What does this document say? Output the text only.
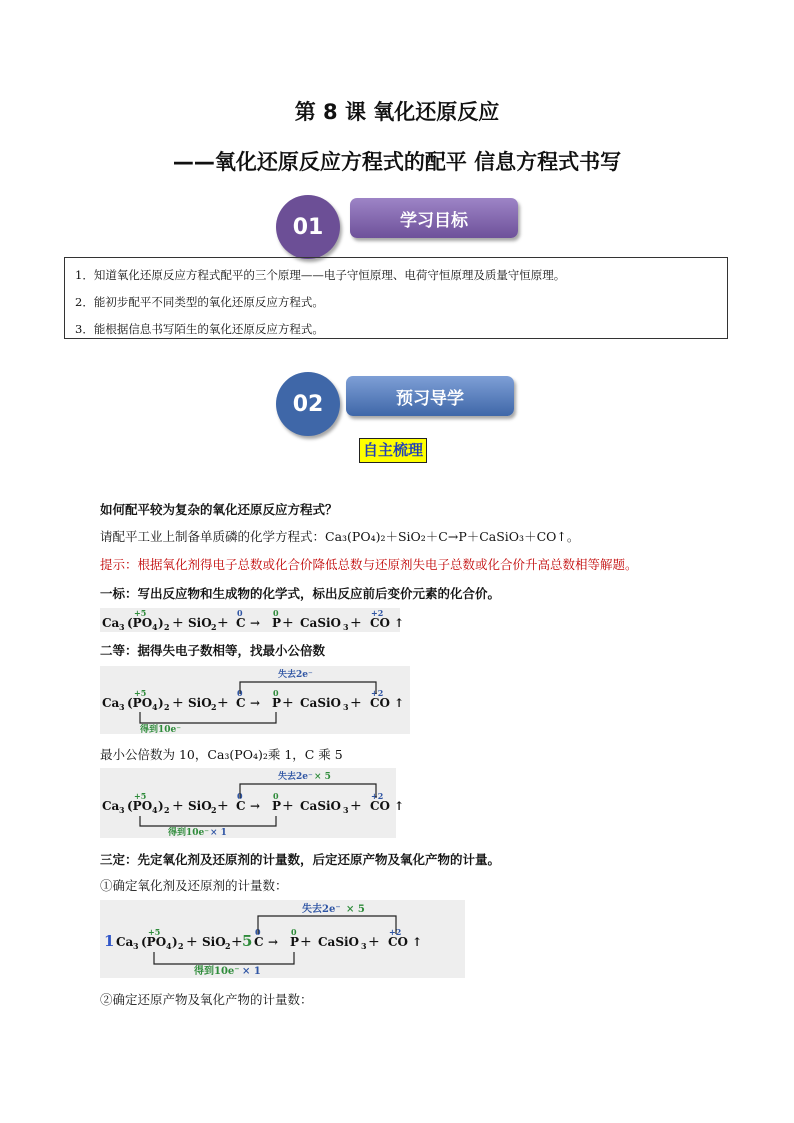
第 8 课 氧化还原反应
——氧化还原反应方程式的配平 信息方程式书写
01	学习目标
1．知道氧化还原反应方程式配平的三个原理——电子守恒原理、电荷守恒原理及质量守恒原理。
2．能初步配平不同类型的氧化还原反应方程式。
3．能根据信息书写陌生的氧化还原反应方程式。
02	预习导学
自主梳理
如何配平较为复杂的氧化还原反应方程式？
请配平工业上制备单质磷的化学方程式：Ca₃(PO₄)₂＋SiO₂＋C→P＋CaSiO₃＋CO↑。
提示：根据氧化剂得电子总数或化合价降低总数与还原剂失电子总数或化合价升高总数相等解题。
一标：写出反应物和生成物的化学式，标出反应前后变价元素的化合价。
Ca 3 (PO
+5
4 ) 2 + SiO 2 + C
0
→ P
0
+ CaSiO 3 + CO
+2
↑
二等：据得失电子数相等，找最小公倍数
Ca 3 (PO
+5
4 ) 2 + SiO 2 + C
0
→ P
0
+ CaSiO 3 + CO
+2
↑
失去2e⁻
得到10e⁻
最小公倍数为 10，Ca₃(PO₄)₂乘 1，C 乘 5
Ca 3 (PO
+5
4 ) 2 + SiO 2 + C
0
→ P
0
+ CaSiO 3 + CO
+2
↑
失去2e⁻ × 5
得到10e⁻ × 1
三定：先定氧化剂及还原剂的计量数，后定还原产物及氧化产物的计量。
①确定氧化剂及还原剂的计量数：
1 Ca 3 (PO
+5
4 ) 2 + SiO 2 + 5 C
0
→ P
0
+ CaSiO 3 + CO
+2
↑
失去2e⁻ × 5
得到10e⁻ × 1
②确定还原产物及氧化产物的计量数：
